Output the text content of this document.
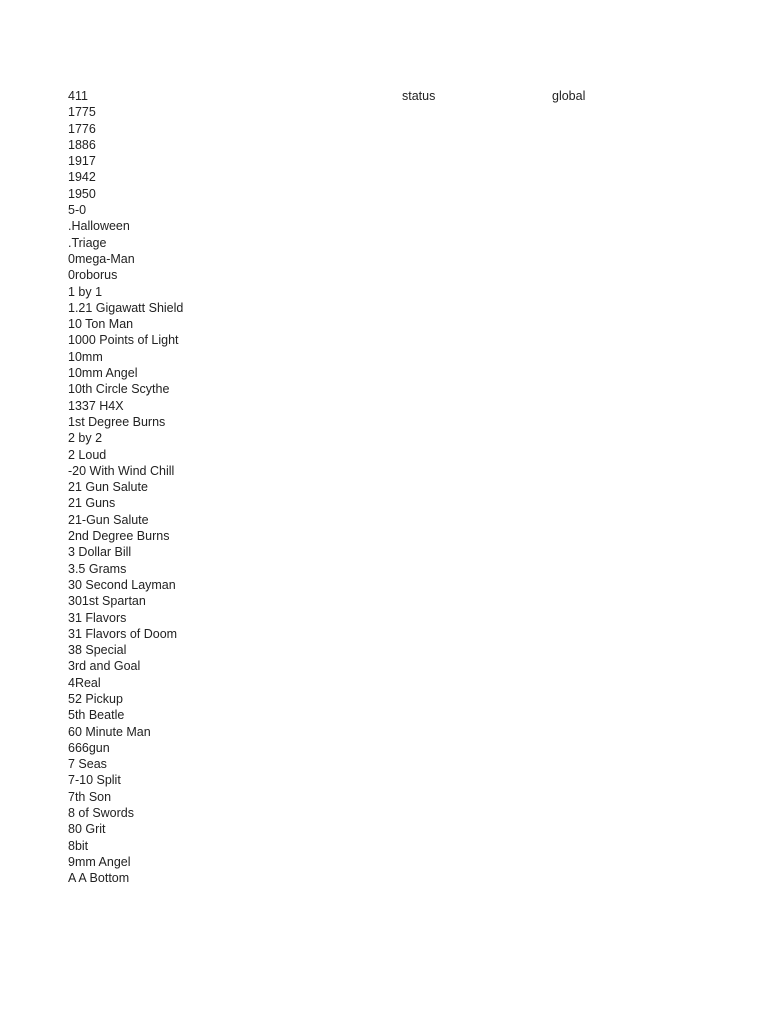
411	status	global
1775
1776
1886
1917
1942
1950
5-0
.Halloween
.Triage
0mega-Man
0roborus
1 by 1
1.21 Gigawatt Shield
10 Ton Man
1000 Points of Light
10mm
10mm Angel
10th Circle Scythe
1337 H4X
1st Degree Burns
2 by 2
2 Loud
-20 With Wind Chill
21 Gun Salute
21 Guns
21-Gun Salute
2nd Degree Burns
3 Dollar Bill
3.5 Grams
30 Second Layman
301st Spartan
31 Flavors
31 Flavors of Doom
38 Special
3rd and Goal
4Real
52 Pickup
5th Beatle
60 Minute Man
666gun
7 Seas
7-10 Split
7th Son
8 of Swords
80 Grit
8bit
9mm Angel
A A Bottom
